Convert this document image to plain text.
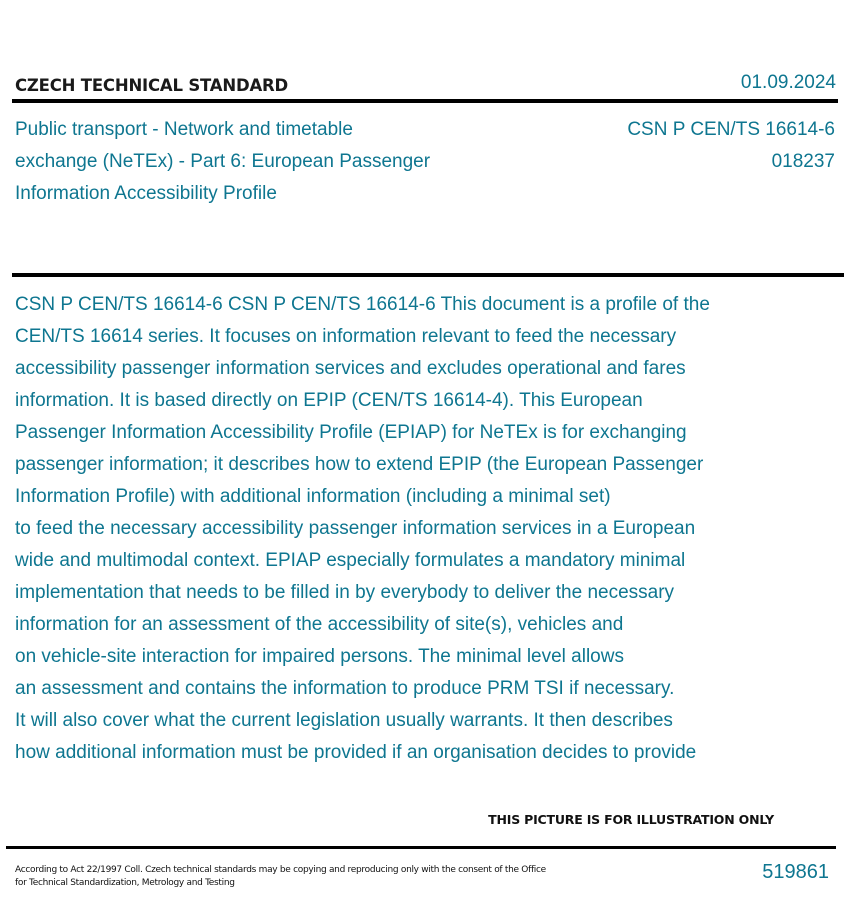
CZECH TECHNICAL STANDARD	01.09.2024
Public transport - Network and timetable
exchange (NeTEx) - Part 6: European Passenger
Information Accessibility Profile
CSN P CEN/TS 16614-6
018237
CSN P CEN/TS 16614-6 CSN P CEN/TS 16614-6 This document is a profile of the
CEN/TS 16614 series. It focuses on information relevant to feed the necessary
accessibility passenger information services and excludes operational and fares
information. It is based directly on EPIP (CEN/TS 16614-4). This European
Passenger Information Accessibility Profile (EPIAP) for NeTEx is for exchanging
passenger information; it describes how to extend EPIP (the European Passenger
Information Profile) with additional information (including a minimal set)
to feed the necessary accessibility passenger information services in a European
wide and multimodal context. EPIAP especially formulates a mandatory minimal
implementation that needs to be filled in by everybody to deliver the necessary
information for an assessment of the accessibility of site(s), vehicles and
on vehicle-site interaction for impaired persons. The minimal level allows
an assessment and contains the information to produce PRM TSI if necessary.
It will also cover what the current legislation usually warrants. It then describes
how additional information must be provided if an organisation decides to provide
THIS PICTURE IS FOR ILLUSTRATION ONLY
According to Act 22/1997 Coll. Czech technical standards may be copying and reproducing only with the consent of the Office
for Technical Standardization, Metrology and Testing	519861
